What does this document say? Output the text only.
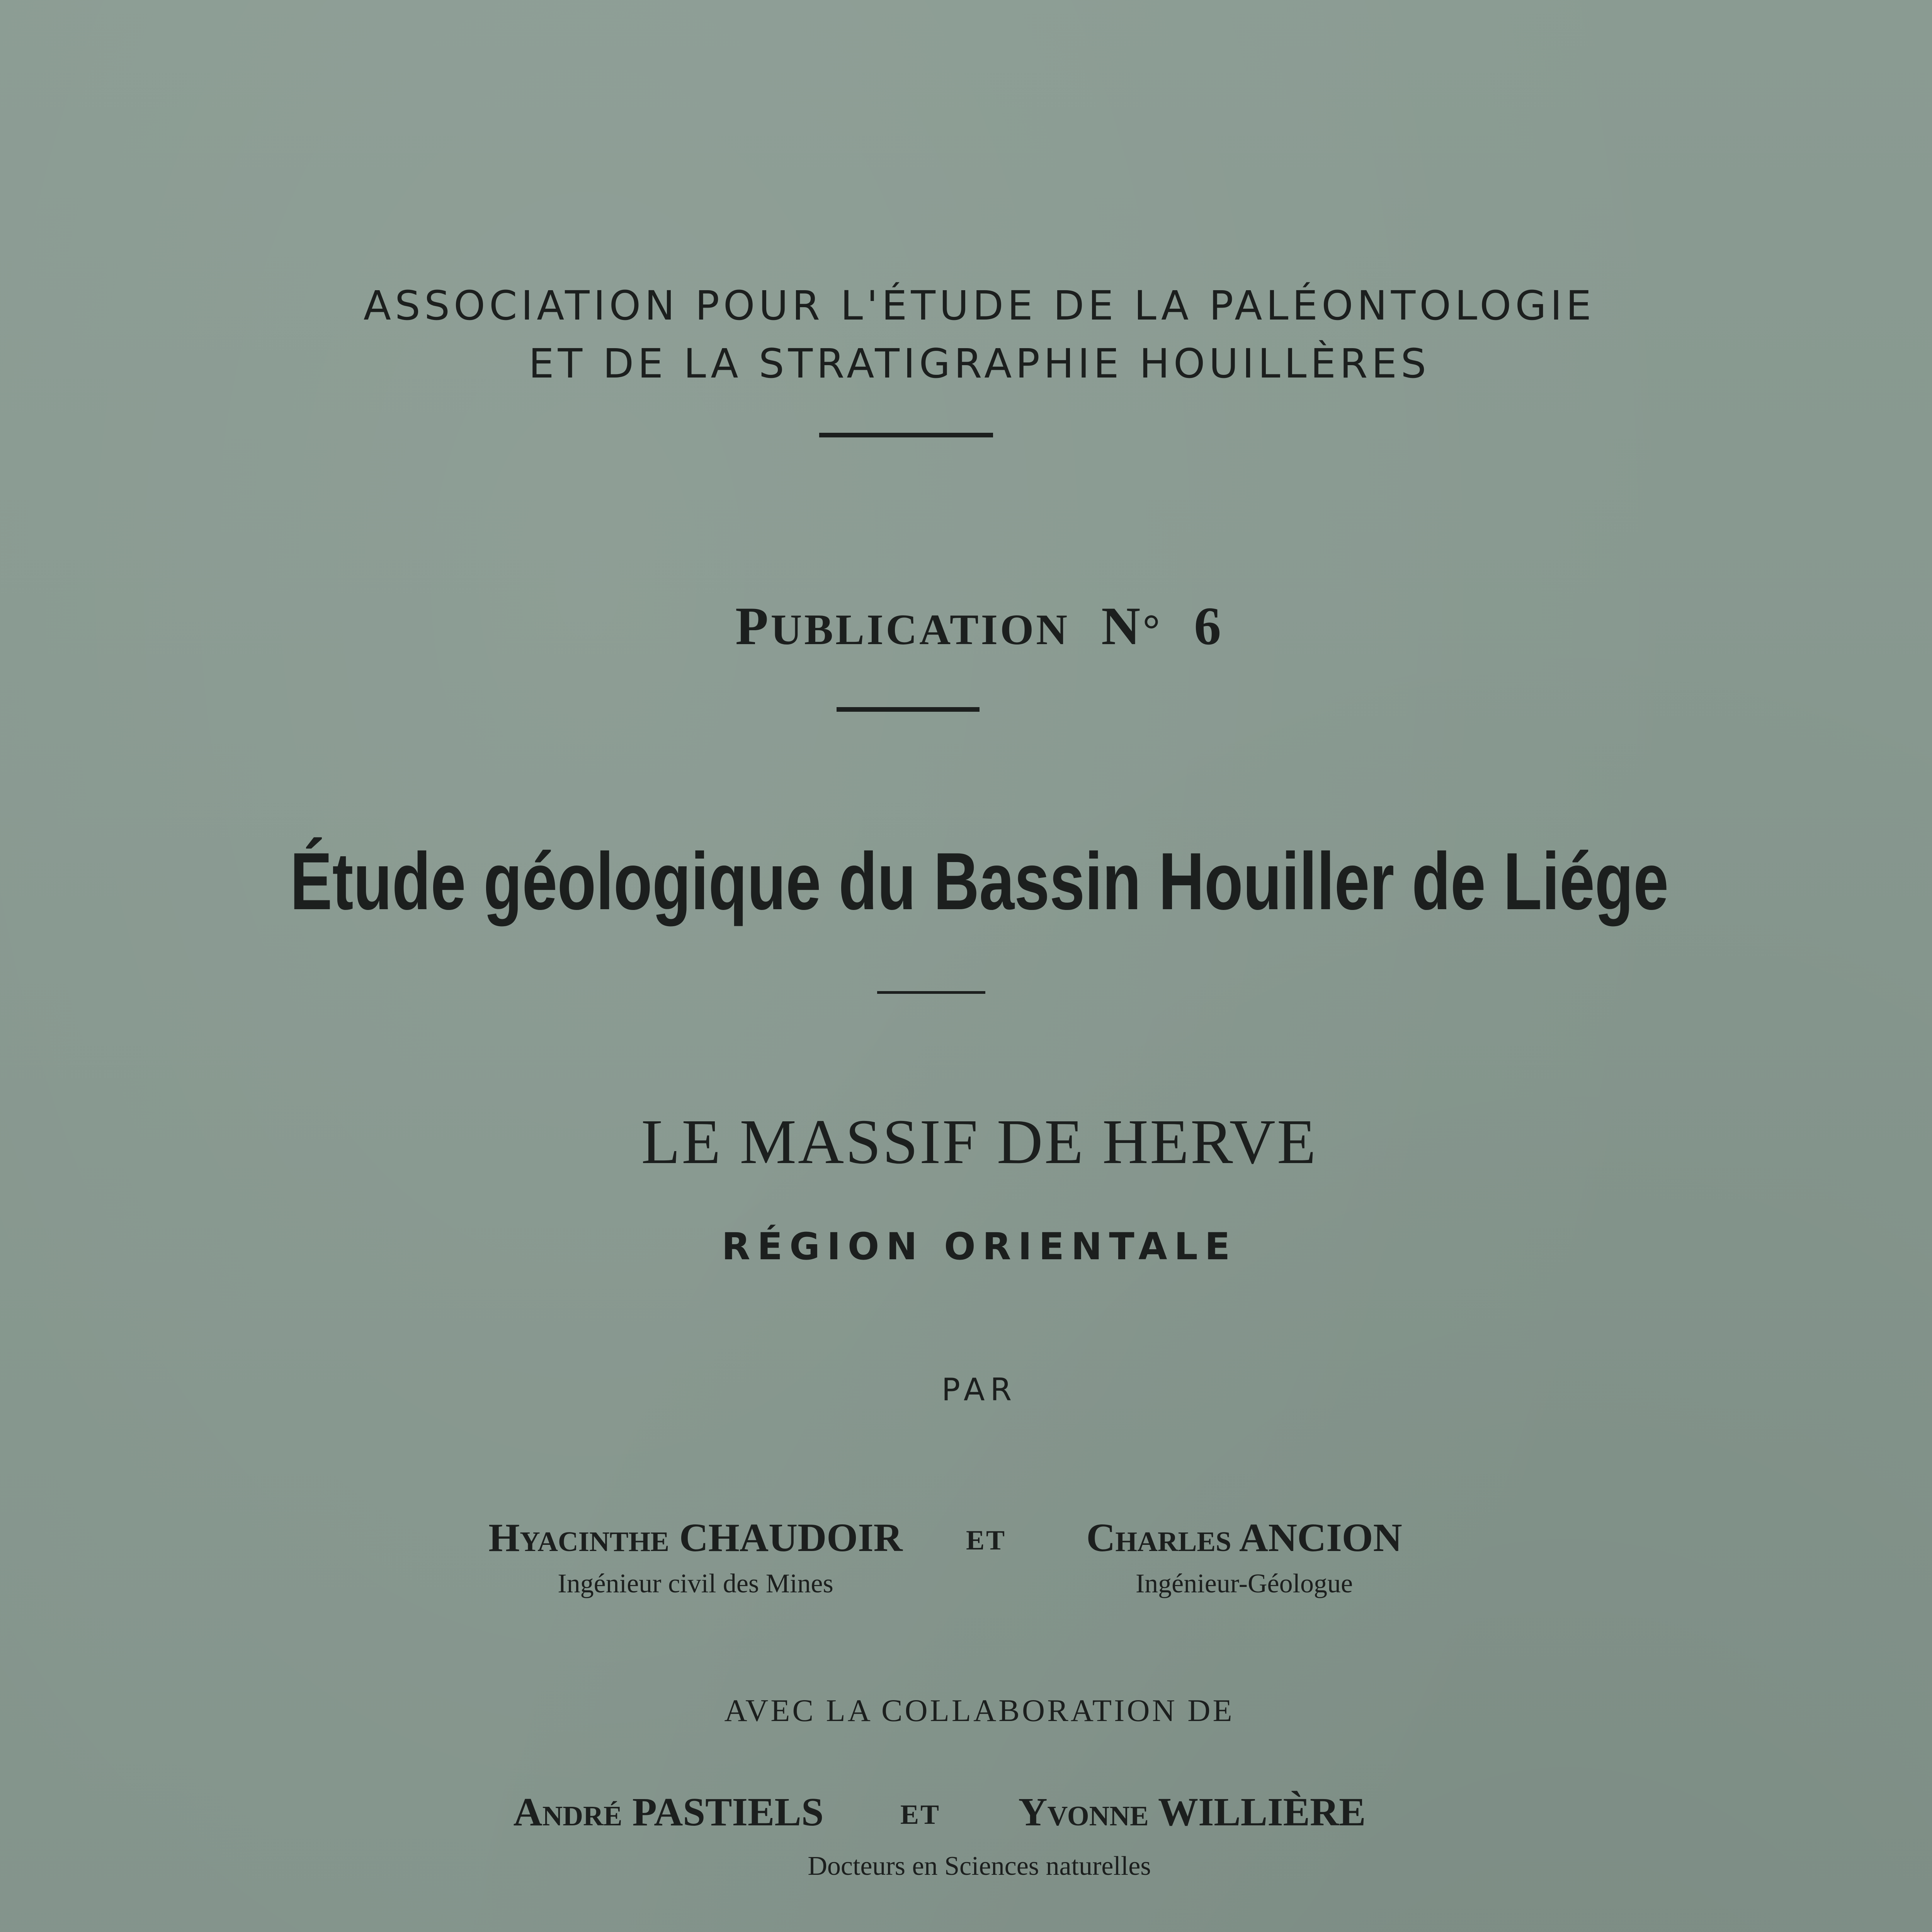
ASSOCIATION POUR L'ÉTUDE DE LA PALÉONTOLOGIE
ET DE LA STRATIGRAPHIE HOUILLÈRES
PUBLICATION N° 6
Étude géologique du Bassin Houiller de Liége
LE MASSIF DE HERVE
RÉGION ORIENTALE
PAR
Hyacinthe CHAUDOIR
Ingénieur civil des Mines
ET	Charles ANCION
Ingénieur-Géologue
AVEC LA COLLABORATION DE
André PASTIELS	ET	Yvonne WILLIÈRE
Docteurs en Sciences naturelles
